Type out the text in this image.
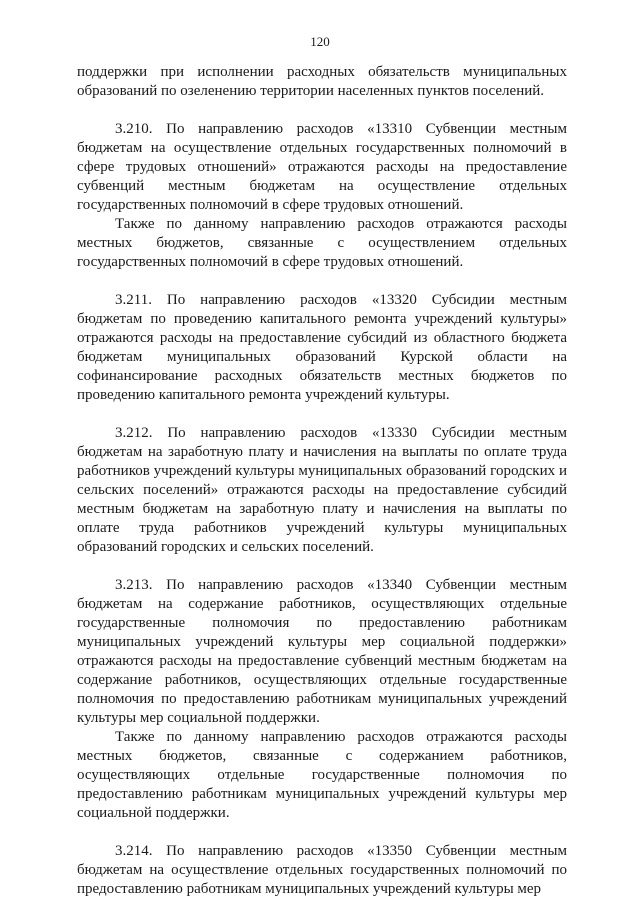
120

поддержки при исполнении расходных обязательств муниципальных образований по озеленению территории населенных пунктов поселений.

3.210. По направлению расходов «13310 Субвенции местным бюджетам на осуществление отдельных государственных полномочий в сфере трудовых отношений» отражаются расходы на предоставление субвенций местным бюджетам на осуществление отдельных государственных полномочий в сфере трудовых отношений.

Также по данному направлению расходов отражаются расходы местных бюджетов, связанные с осуществлением отдельных государственных полномочий в сфере трудовых отношений.

3.211. По направлению расходов «13320 Субсидии местным бюджетам по проведению капитального ремонта учреждений культуры» отражаются расходы на предоставление субсидий из областного бюджета бюджетам муниципальных образований Курской области на софинансирование расходных обязательств местных бюджетов по проведению капитального ремонта учреждений культуры.

3.212. По направлению расходов «13330 Субсидии местным бюджетам на заработную плату и начисления на выплаты по оплате труда работников учреждений культуры муниципальных образований городских и сельских поселений» отражаются расходы на предоставление субсидий местным бюджетам на заработную плату и начисления на выплаты по оплате труда работников учреждений культуры муниципальных образований городских и сельских поселений.

3.213. По направлению расходов «13340 Субвенции местным бюджетам на содержание работников, осуществляющих отдельные государственные полномочия по предоставлению работникам муниципальных учреждений культуры мер социальной поддержки» отражаются расходы на предоставление субвенций местным бюджетам на содержание работников, осуществляющих отдельные государственные полномочия по предоставлению работникам муниципальных учреждений культуры мер социальной поддержки.

Также по данному направлению расходов отражаются расходы местных бюджетов, связанные с содержанием работников, осуществляющих отдельные государственные полномочия по предоставлению работникам муниципальных учреждений культуры мер социальной поддержки.

3.214. По направлению расходов «13350 Субвенции местным бюджетам на осуществление отдельных государственных полномочий по предоставлению работникам муниципальных учреждений культуры мер
